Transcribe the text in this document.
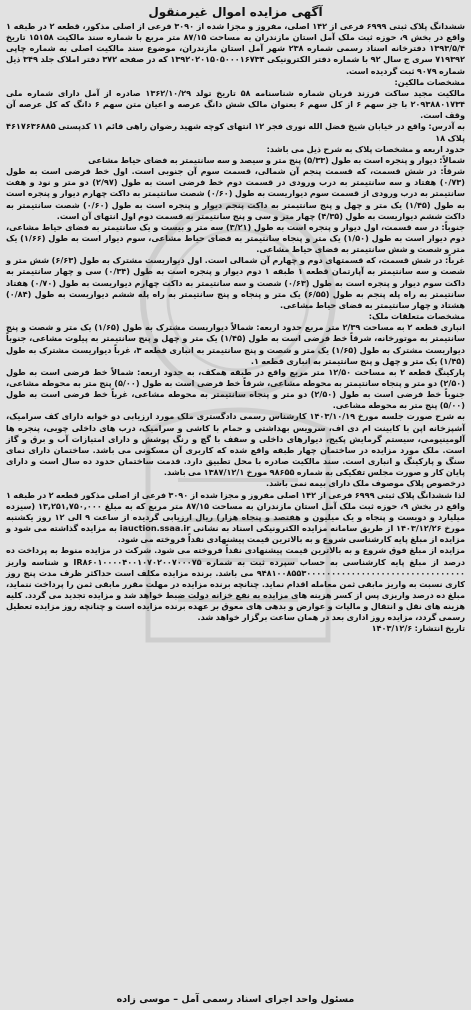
آگهی مزایده اموال غیرمنقول
ششدانگ پلاک ثبتی ۶۹۹۹ فرعی از ۱۴۲ اصلی، مفروز و مجزا شده از ۳۰۹۰ فرعی از اصلی مذکور، قطعه ۲ در طبقه ۱ واقع در بخش ۹، حوزه ثبت ملک آمل استان مازندران به مساحت ۸۷/۱۵ متر مربع با شماره سند مالکیت ۱۵۱۵۸ تاریخ ۱۳۹۳/۵/۴ دفترخانه اسناد رسمی شماره ۲۳۸ شهر آمل استان مازندران، موضوع سند مالکیت اصلی به شماره چاپی ۷۱۹۳۹۲ سری ج سال ۹۲ با شماره دفتر الکترونیکی ۱۳۹۲۰۲۰۱۵۰۵۰۰۰۱۶۷۳۴ که در صفحه ۳۷۲ دفتر املاک جلد ۳۴۹ ذیل شماره ۹۰۷۹ ثبت گردیده است.
مشخصات مالکین:
مالکیت مجید ساکت فرزند قربان شماره شناسنامه ۵۸ تاریخ تولد ۱۳۶۲/۱۰/۲۹ صادره از آمل دارای شماره ملی ۲۰۹۳۸۸۰۱۷۳۴ با جز سهم ۶ از کل سهم ۶ بعنوان مالک شش دانگ عرصه و اعیان متن سهم ۶ دانگ که کل عرصه آن وقف است.
به آدرس: واقع در خیابان شیخ فضل الله نوری فجر ۱۲ انتهای کوچه شهید رضوان راهی قائم ۱۱ کدپستی ۴۶۱۷۶۳۶۸۸۵ پلاک ۱۸
حدود اربعه و مشخصات پلاک به شرح ذیل می باشد:
شمالاً: دیوار و پنجره است به طول (۵/۳۳) پنج متر و سیصد و سه سانتیمتر به فضای حیاط مشاعی
شرقاً: در شش قسمت، که قسمت پنجم آن شمالی، قسمت سوم آن جنوبی است. اول خط فرضی است به طول (۰/۷۳) هفتاد و سه سانتیمتر به درب ورودی در قسمت دوم خط فرضی است به طول (۲/۹۷) دو متر و نود و هفت سانتیمتر به درب ورودی از قسمت سوم دیواریست به طول (۰/۶۰) شصت سانتیمتر به داکت چهارم دیوار و پنجره است به طول (۱/۴۵) یک متر و چهل و پنج سانتیمتر به داکت پنجم دیوار و پنجره است به طول (۰/۶۰) شصت سانتیمتر به داکت ششم دیواریست به طول (۴/۳۵) چهار متر و سی و پنج سانتیمتر به قسمت دوم اول انتهای آن است.
جنوباً: در سه قسمت، اول دیوار و پنجره است به طول (۳/۲۱) سه متر و بیست و یک سانتیمتر به فضای حیاط مشاعی، دوم دیوار است به طول (۱/۵۰) یک متر و پنجاه سانتیمتر به فضای حیاط مشاعی، سوم دیوار است به طول (۱/۶۶) یک متر و شصت و شش سانتیمتر به فضای حیاط مشاعی.
غرباً: در شش قسمت، که قسمتهای دوم و چهارم آن شمالی است. اول دیواریست مشترک به طول (۶/۶۳) شش متر و شصت و سه سانتیمتر به آپارتمان قطعه ۱ طبقه ۱ دوم دیوار و پنجره است به طول (۰/۳۴) سی و چهار سانتیمتر به داکت سوم دیوار و پنجره است به طول (۰/۶۳) شصت و سه سانتیمتر به داکت چهارم دیواریست به طول (۰/۷۰) هفتاد سانتیمتر به راه پله پنجم به طول (۶/۵۵) یک متر و پنجاه و پنج سانتیمتر به راه پله ششم دیواریست به طول (۰/۸۴) هشتاد و چهار سانتیمتر به فضای حیاط مشاعی.
مشخصات متعلقات ملک:
انباری قطعه ۲ به مساحت ۲/۳۹ متر مربع حدود اربعه: شمالاً دیواریست مشترک به طول (۱/۶۵) یک متر و شصت و پنج سانتیمتر به موتورخانه، شرقاً خط فرضی است به طول (۱/۴۵) یک متر و چهل و پنج سانتیمتر به پیلوت مشاعی، جنوباً دیواریست مشترک به طول (۱/۶۵) یک متر و شصت و پنج سانتیمتر به انباری قطعه ۳، غرباً دیواریست مشترک به طول (۱/۴۵) یک متر و چهل و پنج سانتیمتر به انباری قطعه ۱.
پارکینگ قطعه ۲ به مساحت ۱۲/۵۰ متر مربع واقع در طبقه همکف، به حدود اربعه: شمالاً خط فرضی است به طول (۲/۵۰) دو متر و پنجاه سانتیمتر به محوطه مشاعی، شرقاً خط فرضی است به طول (۵/۰۰) پنج متر به محوطه مشاعی، جنوباً خط فرضی است به طول (۲/۵۰) دو متر و پنجاه سانتیمتر به محوطه مشاعی، غرباً خط فرضی است به طول (۵/۰۰) پنج متر به محوطه مشاعی.
به شرح صورت جلسه مورخ ۱۴۰۳/۱۰/۱۹ کارشناس رسمی دادگستری ملک مورد ارزیابی دو خوابه دارای کف سرامیک، آشپزخانه اپن با کابینت ام دی اف، سرویس بهداشتی و حمام با کاشی و سرامیک، درب های داخلی چوبی، پنجره ها آلومینیومی، سیستم گرمایش پکیج، دیوارهای داخلی و سقف با گچ و رنگ پوشش و دارای امتیازات آب و برق و گاز است. ملک مورد مزایده در ساختمان چهار طبقه واقع شده که کاربری آن مسکونی می باشد. ساختمان دارای نمای سنگ و پارکینگ و انباری است. سند مالکیت صادره با محل تطبیق دارد. قدمت ساختمان حدود ده سال است و دارای پایان کار و صورت مجلس تفکیکی به شماره ۹۸۶۵۵ مورخ ۱۳۸۷/۱۲/۱ می باشد.
درخصوص پلاک موصوف ملک دارای بیمه نمی باشد.
لذا ششدانگ پلاک ثبتی ۶۹۹۹ فرعی از ۱۴۲ اصلی مفروز و مجزا شده از ۳۰۹۰ فرعی از اصلی مذکور قطعه ۲ در طبقه ۱ واقع در بخش ۹، حوزه ثبت ملک آمل استان مازندران به مساحت ۸۷/۱۵ متر مربع که به مبلغ ۱۳,۲۵۱,۷۵۰,۰۰۰ (سیزده میلیارد و دویست و پنجاه و یک میلیون و هفتصد و پنجاه هزار) ریال ارزیابی گردیده از ساعت ۹ الی ۱۲ روز یکشنبه مورخ ۱۴۰۳/۱۲/۲۶ از طریق سامانه مزایده الکترونیکی اسناد به نشانی iauction.ssaa.ir به مزایده گذاشته می شود و مزایده از مبلغ پایه کارشناسی شروع و به بالاترین قیمت پیشنهادی نقداً فروخته می شود.
مزایده از مبلغ فوق شروع و به بالاترین قیمت پیشنهادی نقداً فروخته می شود. شرکت در مزایده منوط به پرداخت ده درصد از مبلغ پایه کارشناسی به حساب سپرده ثبت به شماره IR۸۶۰۱۰۰۰۰۴۰۰۱۰۷۰۲۰۰۷۰۰۰۷۵ و شناسه واریز ۹۴۸۱۰۰۸۵۵۳۰۰۰۰۰۰۰۰۰۰۰۰۰۰۰۰۰۰۰۰۰۰۰۰۰۰۰۰۰۰۰۰ می باشد. برنده مزایده مکلف است حداکثر ظرف مدت پنج روز کاری نسبت به واریز مابقی ثمن معامله اقدام نماید. چنانچه برنده مزایده در مهلت مقرر مابقی ثمن را پرداخت ننماید، مبلغ ده درصد واریزی پس از کسر هزینه های مزایده به نفع خزانه دولت ضبط خواهد شد و مزایده تجدید می گردد. کلیه هزینه های نقل و انتقال و مالیات و عوارض و بدهی های معوق بر عهده برنده مزایده است و چنانچه روز مزایده تعطیل رسمی گردد، مزایده روز اداری بعد در همان ساعت برگزار خواهد شد.
تاریخ انتشار: ۱۴۰۳/۱۲/۶
مسئول واحد اجرای اسناد رسمی آمل – موسی زاده
